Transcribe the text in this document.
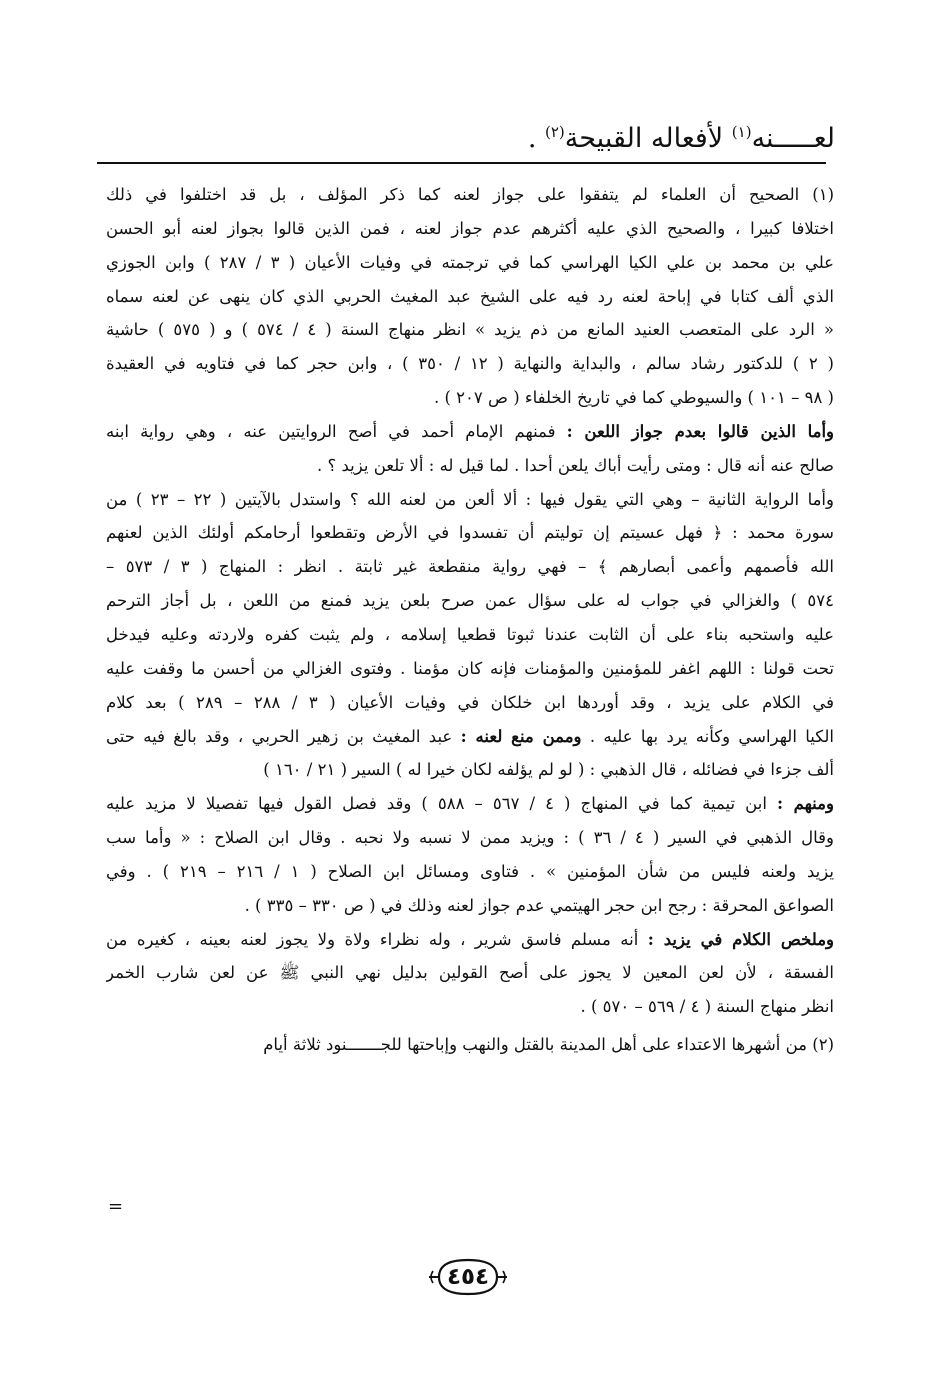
لعـــــنه$^{(١)}$ لأفعاله القبيحة$^{(٢)}$ .
(١) الصحيح أن العلماء لم يتفقوا على جواز لعنه كما ذكر المؤلف ، بل قد اختلفوا في ذلك
اختلافا كبيرا ، والصحيح الذي عليه أكثرهم عدم جواز لعنه ، فمن الذين قالوا بجواز لعنه أبو الحسن
علي بن محمد بن علي الكيا الهراسي كما في ترجمته في وفيات الأعيان ( ٣ / ٢٨٧ ) وابن الجوزي
الذي ألف كتابا في إباحة لعنه رد فيه على الشيخ عبد المغيث الحربي الذي كان ينهى عن لعنه سماه
« الرد على المتعصب العنيد المانع من ذم يزيد » انظر منهاج السنة ( ٤ / ٥٧٤ ) و ( ٥٧٥ ) حاشية
( ٢ ) للدكتور رشاد سالم ، والبداية والنهاية ( ١٢ / ٣٥٠ ) ، وابن حجر كما في فتاويه في العقيدة
( ٩٨ – ١٠١ ) والسيوطي كما في تاريخ الخلفاء ( ص ٢٠٧ ) .
وأما الذين قالوا بعدم جواز اللعن : فمنهم الإمام أحمد في أصح الروايتين عنه ، وهي رواية ابنه
صالح عنه أنه قال : ومتى رأيت أباك يلعن أحدا . لما قيل له : ألا تلعن يزيد ؟ .
وأما الرواية الثانية – وهي التي يقول فيها : ألا ألعن من لعنه الله ؟ واستدل بالآيتين ( ٢٢ – ٢٣ ) من
سورة محمد : ﴿ فهل عسيتم إن توليتم أن تفسدوا في الأرض وتقطعوا أرحامكم أولئك الذين لعنهم
الله فأصمهم وأعمى أبصارهم ﴾ – فهي رواية منقطعة غير ثابتة . انظر : المنهاج ( ٣ / ٥٧٣ –
٥٧٤ ) والغزالي في جواب له على سؤال عمن صرح بلعن يزيد فمنع من اللعن ، بل أجاز الترحم
عليه واستحبه بناء على أن الثابت عندنا ثبوتا قطعيا إسلامه ، ولم يثبت كفره ولاردته وعليه فيدخل
تحت قولنا : اللهم اغفر للمؤمنين والمؤمنات فإنه كان مؤمنا . وفتوى الغزالي من أحسن ما وقفت عليه
في الكلام على يزيد ، وقد أوردها ابن خلكان في وفيات الأعيان ( ٣ / ٢٨٨ – ٢٨٩ ) بعد كلام
الكيا الهراسي وكأنه يرد بها عليه . وممن منع لعنه : عبد المغيث بن زهير الحربي ، وقد بالغ فيه حتى
ألف جزءا في فضائله ، قال الذهبي : ( لو لم يؤلفه لكان خيرا له ) السير ( ٢١ / ١٦٠ )
ومنهم : ابن تيمية كما في المنهاج ( ٤ / ٥٦٧ – ٥٨٨ ) وقد فصل القول فيها تفصيلا لا مزيد عليه
وقال الذهبي في السير ( ٤ / ٣٦ ) : ويزيد ممن لا نسبه ولا نحبه . وقال ابن الصلاح : « وأما سب
يزيد ولعنه فليس من شأن المؤمنين » . فتاوى ومسائل ابن الصلاح ( ١ / ٢١٦ – ٢١٩ ) . وفي
الصواعق المحرقة : رجح ابن حجر الهيتمي عدم جواز لعنه وذلك في ( ص ٣٣٠ – ٣٣٥ ) .
وملخص الكلام في يزيد : أنه مسلم فاسق شرير ، وله نظراء ولاة ولا يجوز لعنه بعينه ، كغيره من
الفسقة ، لأن لعن المعين لا يجوز على أصح القولين بدليل نهي النبي ﷺ عن لعن شارب الخمر
انظر منهاج السنة ( ٤ / ٥٦٩ – ٥٧٠ ) .
(٢) من أشهرها الاعتداء على أهل المدينة بالقتل والنهب وإباحتها للجـــــــنود ثلاثة أيام
=
٤٥٤
